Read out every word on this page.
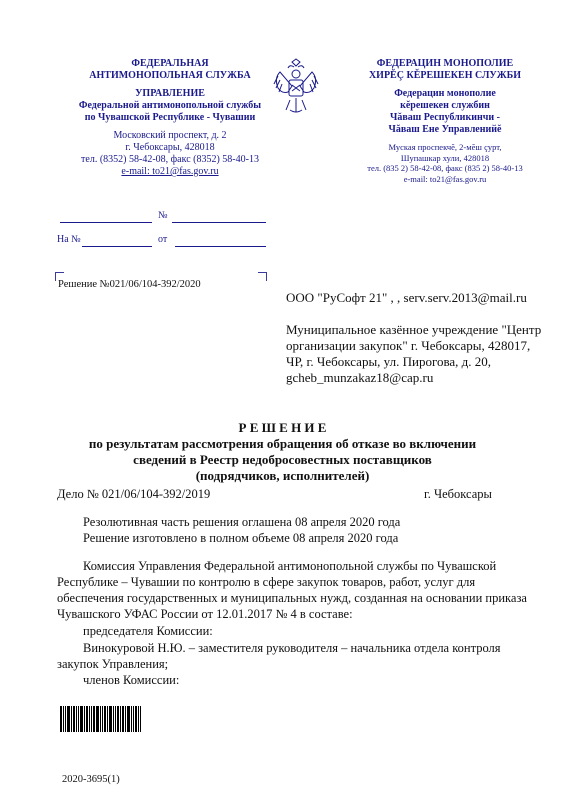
ФЕДЕРАЛЬНАЯ
АНТИМОНОПОЛЬНАЯ СЛУЖБА
УПРАВЛЕНИЕ
Федеральной антимонопольной службы
по Чувашской Республике - Чувашии
Московский проспект, д. 2
г. Чебоксары, 428018
тел. (8352) 58-42-08, факс (8352) 58-40-13
e-mail: to21@fas.gov.ru
ФЕДЕРАЦИН МОНОПОЛИЕ
ХИРĔÇ КĔРЕШЕКЕН СЛУЖБИ
Федерацин монополие
кĕрешекен службин
Чăваш Республикинчи -
Чăваш Ене Управленийĕ
Муская проспекчĕ, 2-мĕш çурт,
Шупашкар хули, 428018
тел. (835 2) 58-42-08, факс (835 2) 58-40-13
e-mail: to21@fas.gov.ru
№
На №	от
Решение №021/06/104-392/2020
ООО "РуСофт 21" , , serv.serv.2013@mail.ru
Муниципальное казённое учреждение "Центр
организации закупок" г. Чебоксары, 428017,
ЧР, г. Чебоксары, ул. Пирогова, д. 20,
gcheb_munzakaz18@cap.ru
Р Е Ш Е Н И Е
по результатам рассмотрения обращения об отказе во включении
сведений в Реестр недобросовестных поставщиков
(подрядчиков, исполнителей)
Дело № 021/06/104-392/2019	г. Чебоксары
Резолютивная часть решения оглашена 08 апреля 2020 года
Решение изготовлено в полном объеме 08 апреля 2020 года
Комиссия Управления Федеральной антимонопольной службы по Чувашской
Республике – Чувашии по контролю в сфере закупок товаров, работ, услуг для
обеспечения государственных и муниципальных нужд, созданная на основании приказа
Чувашского УФАС России от 12.01.2017 № 4 в составе:
председателя Комиссии:
Винокуровой Н.Ю. – заместителя руководителя – начальника отдела контроля
закупок Управления;
членов Комиссии:
2020-3695(1)
